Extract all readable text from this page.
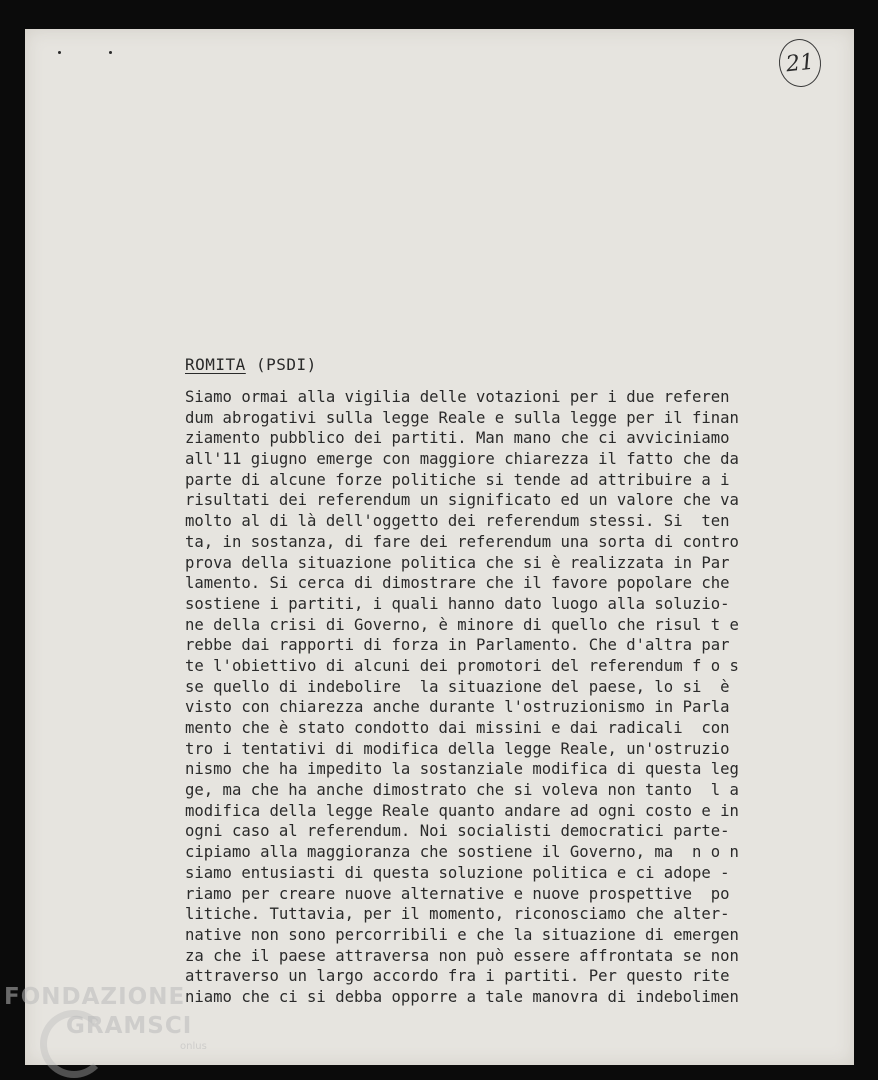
21
ROMITA (PSDI)
Siamo ormai alla vigilia delle votazioni per i due referen
dum abrogativi sulla legge Reale e sulla legge per il finan
ziamento pubblico dei partiti. Man mano che ci avviciniamo
all'11 giugno emerge con maggiore chiarezza il fatto che da
parte di alcune forze politiche si tende ad attribuire a i
risultati dei referendum un significato ed un valore che va
molto al di là dell'oggetto dei referendum stessi. Si  ten
ta, in sostanza, di fare dei referendum una sorta di contro
prova della situazione politica che si è realizzata in Par
lamento. Si cerca di dimostrare che il favore popolare che
sostiene i partiti, i quali hanno dato luogo alla soluzio-
ne della crisi di Governo, è minore di quello che risul t e
rebbe dai rapporti di forza in Parlamento. Che d'altra par
te l'obiettivo di alcuni dei promotori del referendum f o s
se quello di indebolire  la situazione del paese, lo si  è
visto con chiarezza anche durante l'ostruzionismo in Parla
mento che è stato condotto dai missini e dai radicali  con
tro i tentativi di modifica della legge Reale, un'ostruzio
nismo che ha impedito la sostanziale modifica di questa leg
ge, ma che ha anche dimostrato che si voleva non tanto  l a
modifica della legge Reale quanto andare ad ogni costo e in
ogni caso al referendum. Noi socialisti democratici parte-
cipiamo alla maggioranza che sostiene il Governo, ma  n o n
siamo entusiasti di questa soluzione politica e ci adope -
riamo per creare nuove alternative e nuove prospettive  po
litiche. Tuttavia, per il momento, riconosciamo che alter-
native non sono percorribili e che la situazione di emergen
za che il paese attraversa non può essere affrontata se non
attraverso un largo accordo fra i partiti. Per questo rite
niamo che ci si debba opporre a tale manovra di indebolimen
FONDAZIONE
GRAMSCI
onlus
